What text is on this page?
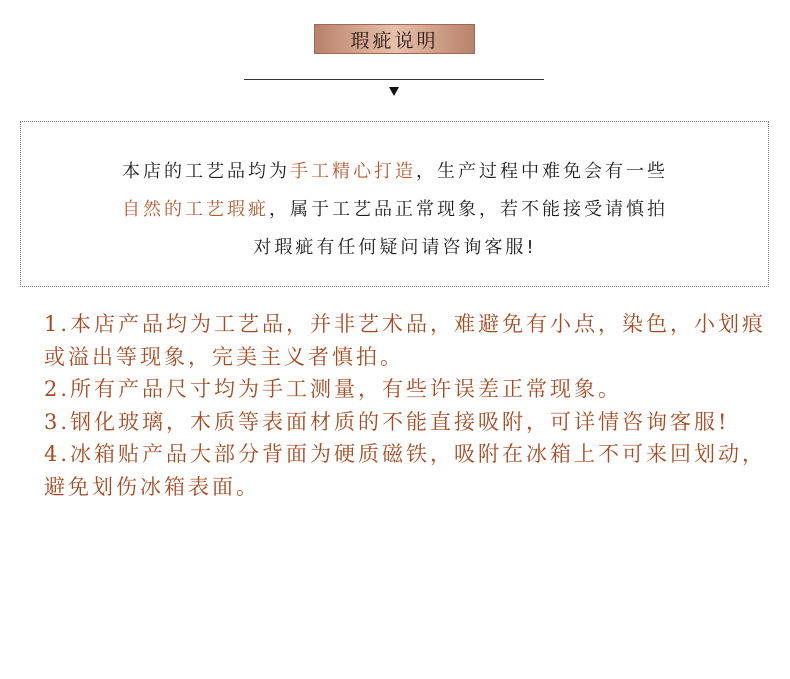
瑕疵说明
本店的工艺品均为手工精心打造，生产过程中难免会有一些
自然的工艺瑕疵，属于工艺品正常现象，若不能接受请慎拍
对瑕疵有任何疑问请咨询客服!
1.本店产品均为工艺品，并非艺术品，难避免有小点，染色，小划痕或溢出等现象，完美主义者慎拍。
2.所有产品尺寸均为手工测量，有些许误差正常现象。
3.钢化玻璃，木质等表面材质的不能直接吸附，可详情咨询客服!
4.冰箱贴产品大部分背面为硬质磁铁，吸附在冰箱上不可来回划动，避免划伤冰箱表面。
